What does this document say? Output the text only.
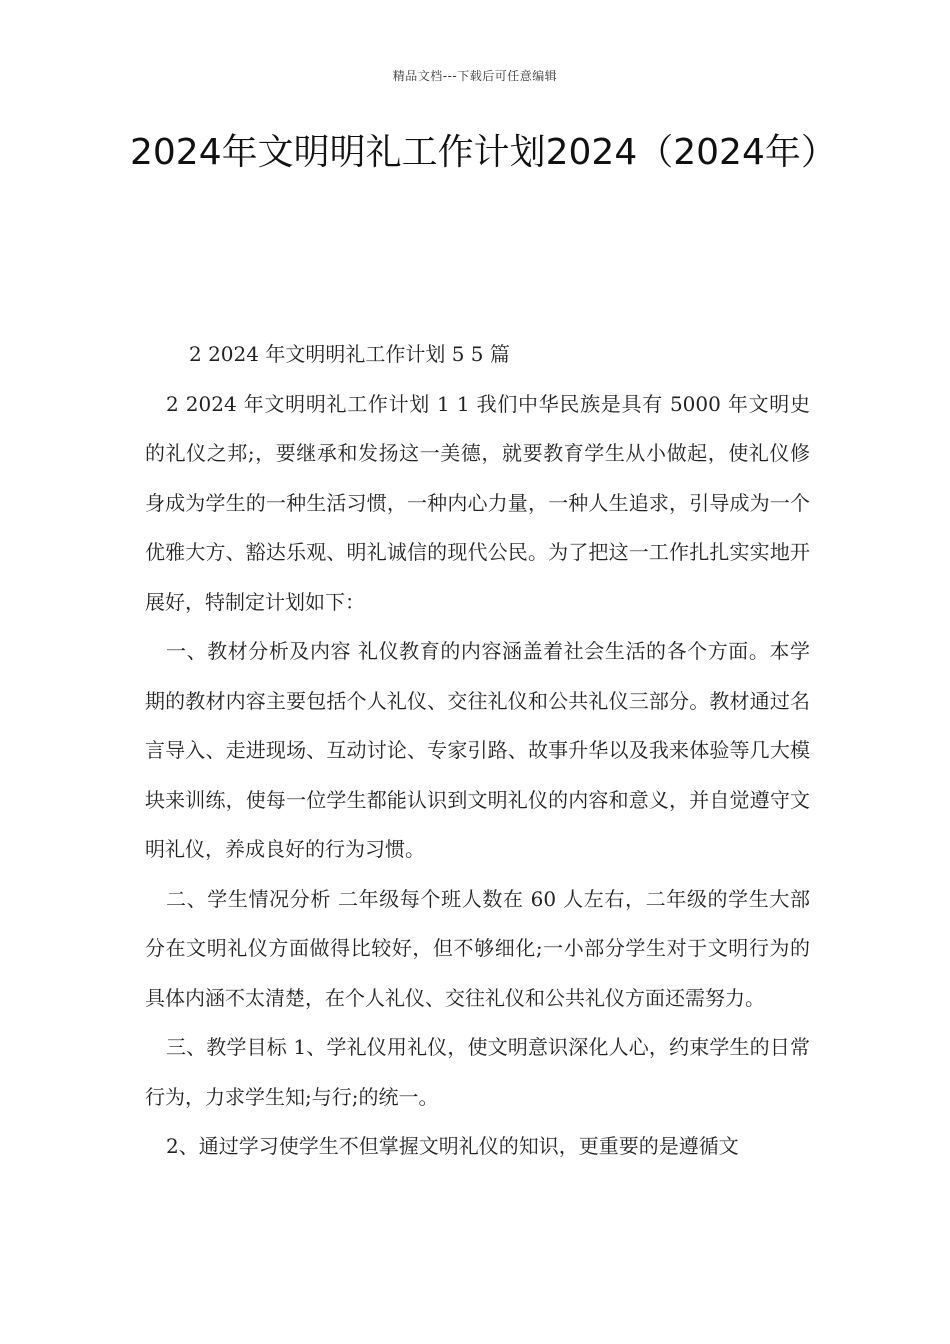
精品文档---下载后可任意编辑
2024年文明明礼工作计划2024（2024年）

2 2024 年文明明礼工作计划 5 5 篇

2 2024 年文明明礼工作计划 1 1 我们中华民族是具有 5000 年文明史的礼仪之邦;，要继承和发扬这一美德，就要教育学生从小做起，使礼仪修身成为学生的一种生活习惯，一种内心力量，一种人生追求，引导成为一个优雅大方、豁达乐观、明礼诚信的现代公民。为了把这一工作扎扎实实地开展好，特制定计划如下：

一、教材分析及内容 礼仪教育的内容涵盖着社会生活的各个方面。本学期的教材内容主要包括个人礼仪、交往礼仪和公共礼仪三部分。教材通过名言导入、走进现场、互动讨论、专家引路、故事升华以及我来体验等几大模块来训练，使每一位学生都能认识到文明礼仪的内容和意义，并自觉遵守文明礼仪，养成良好的行为习惯。

二、学生情况分析 二年级每个班人数在 60 人左右，二年级的学生大部分在文明礼仪方面做得比较好，但不够细化;一小部分学生对于文明行为的具体内涵不太清楚，在个人礼仪、交往礼仪和公共礼仪方面还需努力。

三、教学目标 1、学礼仪用礼仪，使文明意识深化人心，约束学生的日常行为，力求学生知;与行;的统一。

2、通过学习使学生不但掌握文明礼仪的知识，更重要的是遵循文
